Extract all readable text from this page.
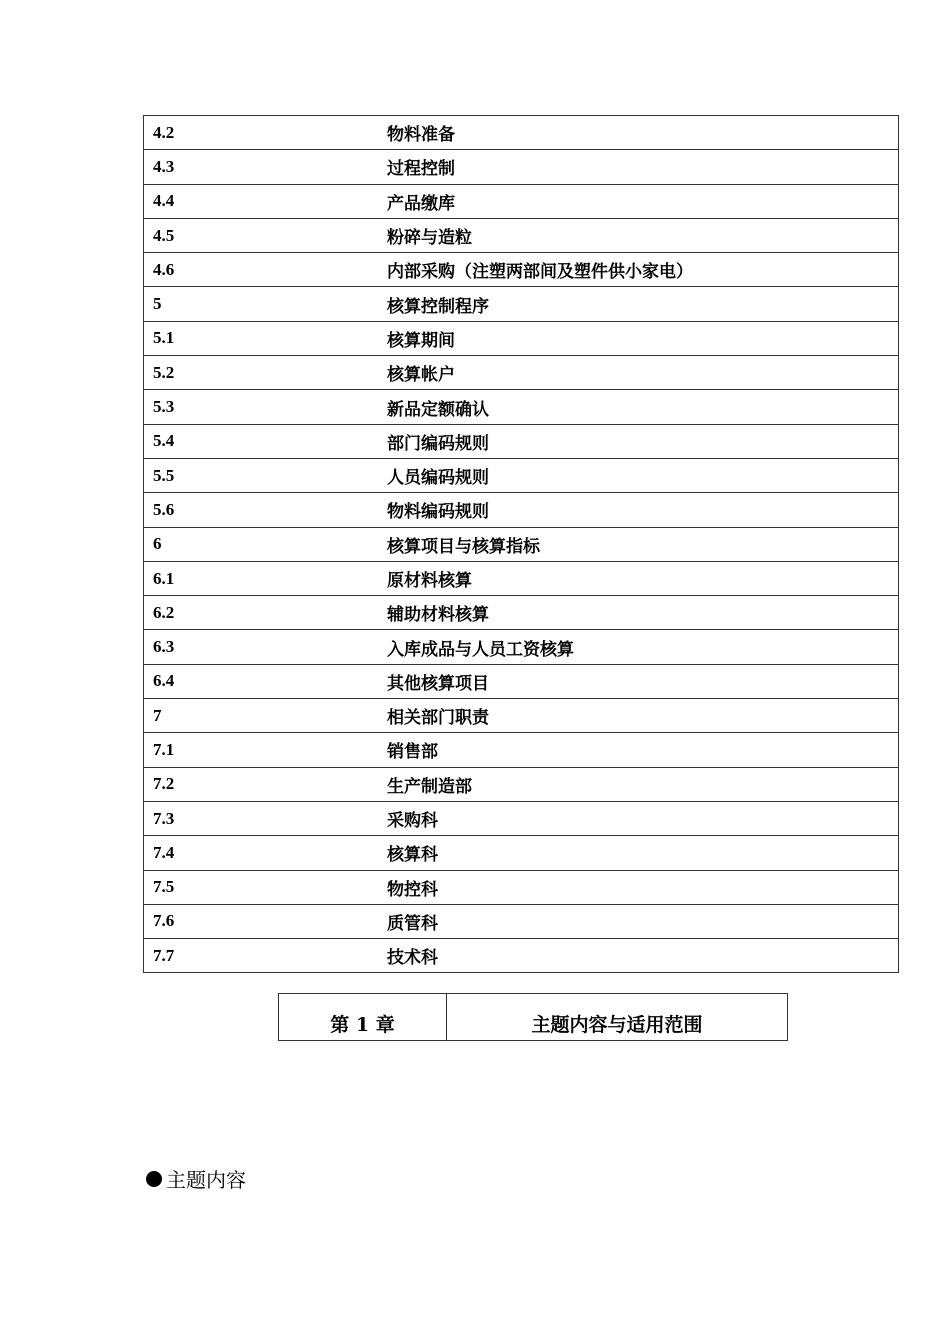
4.2	物料准备
4.3	过程控制
4.4	产品缴库
4.5	粉碎与造粒
4.6	内部采购（注塑两部间及塑件供小家电）
5	核算控制程序
5.1	核算期间
5.2	核算帐户
5.3	新品定额确认
5.4	部门编码规则
5.5	人员编码规则
5.6	物料编码规则
6	核算项目与核算指标
6.1	原材料核算
6.2	辅助材料核算
6.3	入库成品与人员工资核算
6.4	其他核算项目
7	相关部门职责
7.1	销售部
7.2	生产制造部
7.3	采购科
7.4	核算科
7.5	物控科
7.6	质管科
7.7	技术科
第 1 章	主题内容与适用范围
主题内容
